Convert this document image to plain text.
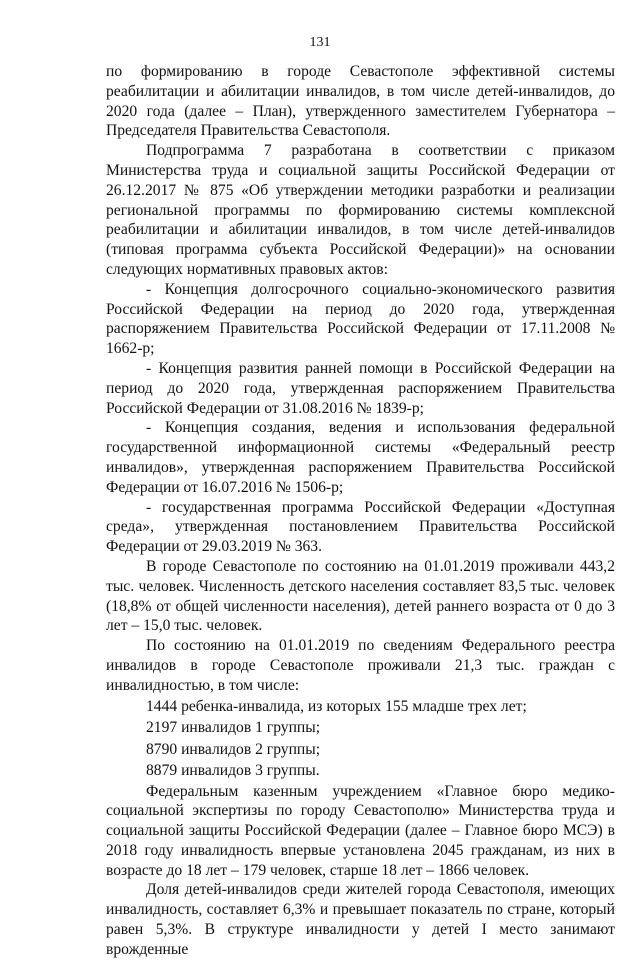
131

по формированию в городе Севастополе эффективной системы реабилитации и абилитации инвалидов, в том числе детей-инвалидов, до 2020 года (далее – План), утвержденного заместителем Губернатора – Председателя Правительства Севастополя.

Подпрограмма 7 разработана в соответствии с приказом Министерства труда и социальной защиты Российской Федерации от 26.12.2017 № 875 «Об утверждении методики разработки и реализации региональной программы по формированию системы комплексной реабилитации и абилитации инвалидов, в том числе детей-инвалидов (типовая программа субъекта Российской Федерации)» на основании следующих нормативных правовых актов:

- Концепция долгосрочного социально-экономического развития Российской Федерации на период до 2020 года, утвержденная распоряжением Правительства Российской Федерации от 17.11.2008 № 1662-р;

- Концепция развития ранней помощи в Российской Федерации на период до 2020 года, утвержденная распоряжением Правительства Российской Федерации от 31.08.2016 № 1839-р;

- Концепция создания, ведения и использования федеральной государственной информационной системы «Федеральный реестр инвалидов», утвержденная распоряжением Правительства Российской Федерации от 16.07.2016 № 1506-р;

- государственная программа Российской Федерации «Доступная среда», утвержденная постановлением Правительства Российской Федерации от 29.03.2019 № 363.

В городе Севастополе по состоянию на 01.01.2019 проживали 443,2 тыс. человек. Численность детского населения составляет 83,5 тыс. человек (18,8% от общей численности населения), детей раннего возраста от 0 до 3 лет – 15,0 тыс. человек.

По состоянию на 01.01.2019 по сведениям Федерального реестра инвалидов в городе Севастополе проживали 21,3 тыс. граждан с инвалидностью, в том числе:

1444 ребенка-инвалида, из которых 155 младше трех лет;

2197 инвалидов 1 группы;

8790 инвалидов 2 группы;

8879 инвалидов 3 группы.

Федеральным казенным учреждением «Главное бюро медико-социальной экспертизы по городу Севастополю» Министерства труда и социальной защиты Российской Федерации (далее – Главное бюро МСЭ) в 2018 году инвалидность впервые установлена 2045 гражданам, из них в возрасте до 18 лет – 179 человек, старше 18 лет – 1866 человек.

Доля детей-инвалидов среди жителей города Севастополя, имеющих инвалидность, составляет 6,3% и превышает показатель по стране, который равен 5,3%. В структуре инвалидности у детей I место занимают врожденные
